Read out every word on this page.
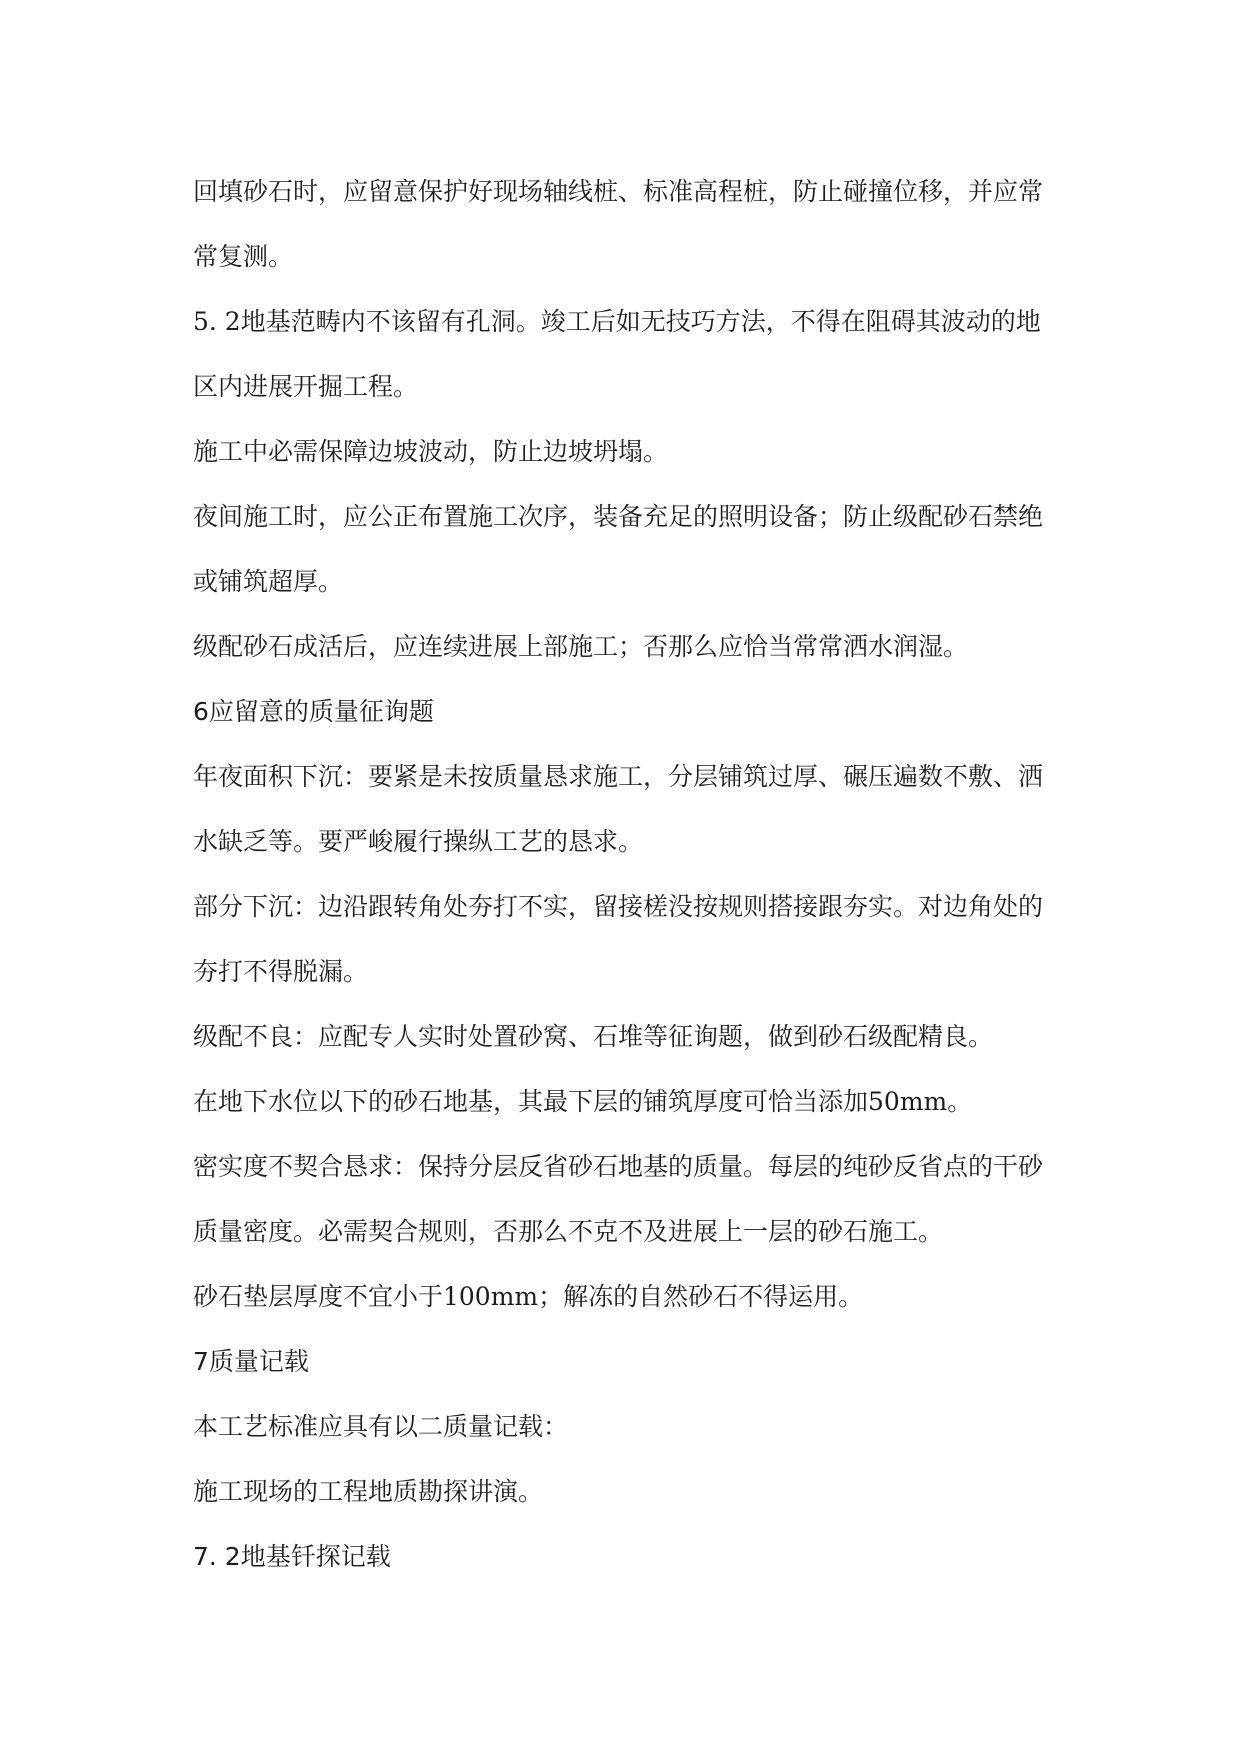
回填砂石时，应留意保护好现场轴线桩、标准高程桩，防止碰撞位移，并应常

常复测。

5. 2地基范畴内不该留有孔洞。竣工后如无技巧方法，不得在阻碍其波动的地

区内进展开掘工程。

施工中必需保障边坡波动，防止边坡坍塌。

夜间施工时，应公正布置施工次序，装备充足的照明设备；防止级配砂石禁绝

或铺筑超厚。

级配砂石成活后，应连续进展上部施工；否那么应恰当常常洒水润湿。

6应留意的质量征询题

年夜面积下沉：要紧是未按质量恳求施工，分层铺筑过厚、碾压遍数不敷、洒

水缺乏等。要严峻履行操纵工艺的恳求。

部分下沉：边沿跟转角处夯打不实，留接槎没按规则搭接跟夯实。对边角处的

夯打不得脱漏。

级配不良：应配专人实时处置砂窝、石堆等征询题，做到砂石级配精良。

在地下水位以下的砂石地基，其最下层的铺筑厚度可恰当添加50mm。

密实度不契合恳求：保持分层反省砂石地基的质量。每层的纯砂反省点的干砂

质量密度。必需契合规则，否那么不克不及进展上一层的砂石施工。

砂石垫层厚度不宜小于100mm；解冻的自然砂石不得运用。

7质量记载

本工艺标准应具有以二质量记载：

施工现场的工程地质勘探讲演。

7. 2地基钎探记载
